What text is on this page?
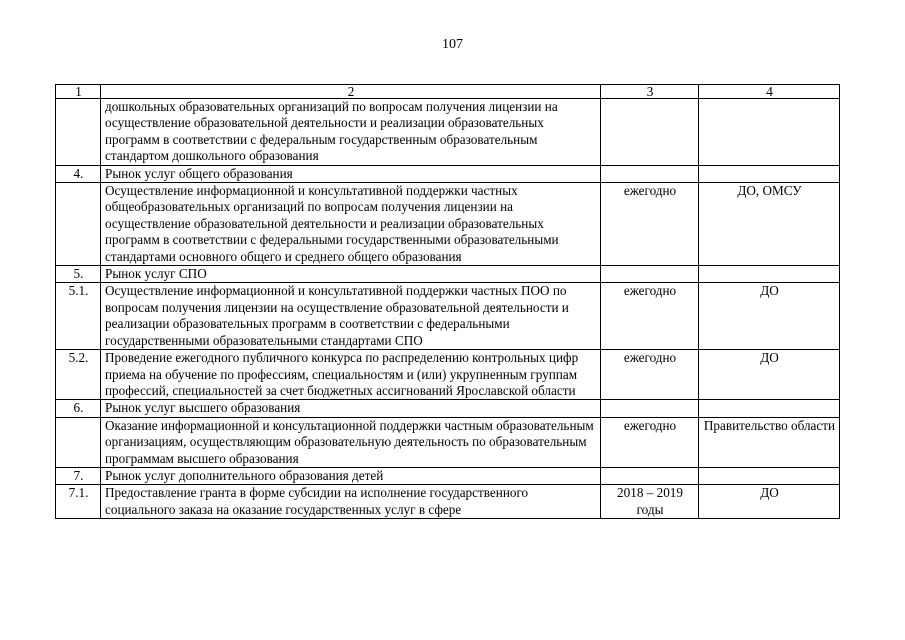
107
1	2	3	4
	дошкольных образовательных организаций по вопросам получения лицензии на осуществление образовательной деятельности и реализации образовательных программ в соответствии с федеральным государственным образовательным стандартом дошкольного образования		
4.	Рынок услуг общего образования		
	Осуществление информационной и консультативной поддержки частных общеобразовательных организаций по вопросам получения лицензии на осуществление образовательной деятельности и реализации образовательных программ в соответствии с федеральными государственными образовательными стандартами основного общего и среднего общего образования	ежегодно	ДО, ОМСУ
5.	Рынок услуг СПО		
5.1.	Осуществление информационной и консультативной поддержки частных ПОО по вопросам получения лицензии на осуществление образовательной деятельности и реализации образовательных программ в соответствии с федеральными государственными образовательными стандартами СПО	ежегодно	ДО
5.2.	Проведение ежегодного публичного конкурса по распределению контрольных цифр приема на обучение по профессиям, специальностям и (или) укрупненным группам профессий, специальностей за счет бюджетных ассигнований Ярославской области	ежегодно	ДО
6.	Рынок услуг высшего образования		
	Оказание информационной и консультационной поддержки частным образовательным организациям, осуществляющим образовательную деятельность по образовательным программам высшего образования	ежегодно	Правительство области
7.	Рынок услуг дополнительного образования детей		
7.1.	Предоставление гранта в форме субсидии на исполнение государственного социального заказа на оказание государственных услуг в сфере	2018 – 2019 годы	ДО
